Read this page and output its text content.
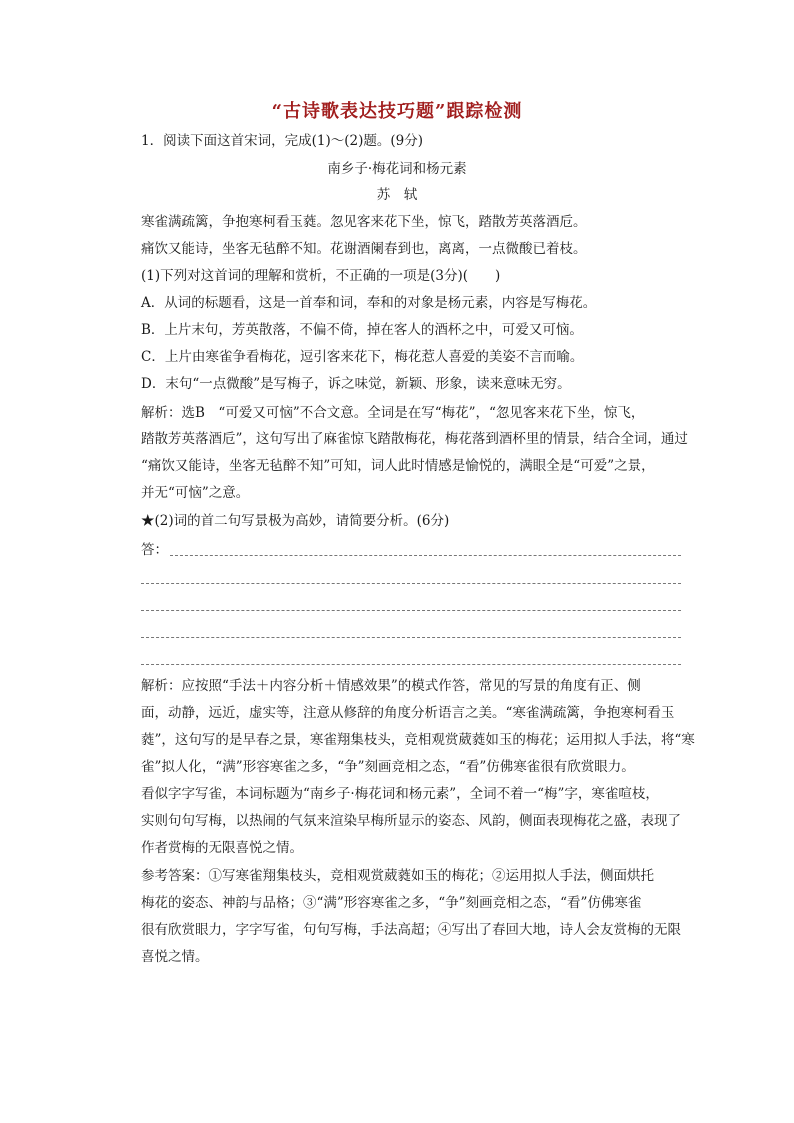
“古诗歌表达技巧题”跟踪检测
1．阅读下面这首宋词，完成(1)～(2)题。(9分)
南乡子·梅花词和杨元素
苏　轼
寒雀满疏篱，争抱寒柯看玉蕤。忽见客来花下坐，惊飞，踏散芳英落酒卮。
痛饮又能诗，坐客无毡醉不知。花谢酒阑春到也，离离，一点微酸已着枝。
(1)下列对这首词的理解和赏析，不正确的一项是(3分)(　　)
A．从词的标题看，这是一首奉和词，奉和的对象是杨元素，内容是写梅花。
B．上片末句，芳英散落，不偏不倚，掉在客人的酒杯之中，可爱又可恼。
C．上片由寒雀争看梅花，逗引客来花下，梅花惹人喜爱的美姿不言而喻。
D．末句“一点微酸”是写梅子，诉之味觉，新颖、形象，读来意味无穷。
解析：选B　“可爱又可恼”不合文意。全词是在写“梅花”，“忽见客来花下坐，惊飞，
踏散芳英落酒卮”，这句写出了麻雀惊飞踏散梅花，梅花落到酒杯里的情景，结合全词，通过
“痛饮又能诗，坐客无毡醉不知”可知，词人此时情感是愉悦的，满眼全是“可爱”之景，
并无“可恼”之意。
★(2)词的首二句写景极为高妙，请简要分析。(6分)
答：
解析：应按照“手法＋内容分析＋情感效果”的模式作答，常见的写景的角度有正、侧
面，动静，远近，虚实等，注意从修辞的角度分析语言之美。“寒雀满疏篱，争抱寒柯看玉
蕤”，这句写的是早春之景，寒雀翔集枝头，竞相观赏葳蕤如玉的梅花；运用拟人手法，将“寒
雀”拟人化，“满”形容寒雀之多，“争”刻画竞相之态，“看”仿佛寒雀很有欣赏眼力。
看似字字写雀，本词标题为“南乡子·梅花词和杨元素”，全词不着一“梅”字，寒雀喧枝，
实则句句写梅，以热闹的气氛来渲染早梅所显示的姿态、风韵，侧面表现梅花之盛，表现了
作者赏梅的无限喜悦之情。
参考答案：①写寒雀翔集枝头，竞相观赏葳蕤如玉的梅花；②运用拟人手法，侧面烘托
梅花的姿态、神韵与品格；③“满”形容寒雀之多，“争”刻画竞相之态，“看”仿佛寒雀
很有欣赏眼力，字字写雀，句句写梅，手法高超；④写出了春回大地，诗人会友赏梅的无限
喜悦之情。
